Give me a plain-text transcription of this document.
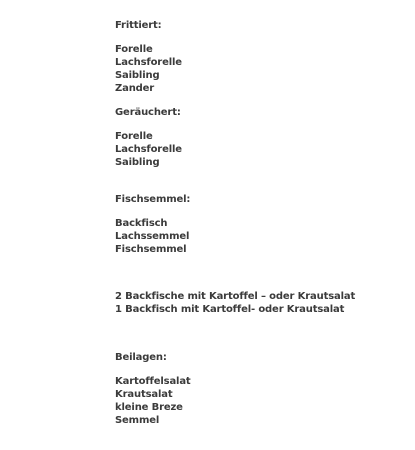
Frittiert:
Forelle
Lachsforelle
Saibling
Zander
Geräuchert:
Forelle
Lachsforelle
Saibling
Fischsemmel:
Backfisch
Lachssemmel
Fischsemmel
2 Backfische mit Kartoffel – oder Krautsalat
1 Backfisch mit Kartoffel- oder Krautsalat
Beilagen:
Kartoffelsalat
Krautsalat
kleine Breze
Semmel
